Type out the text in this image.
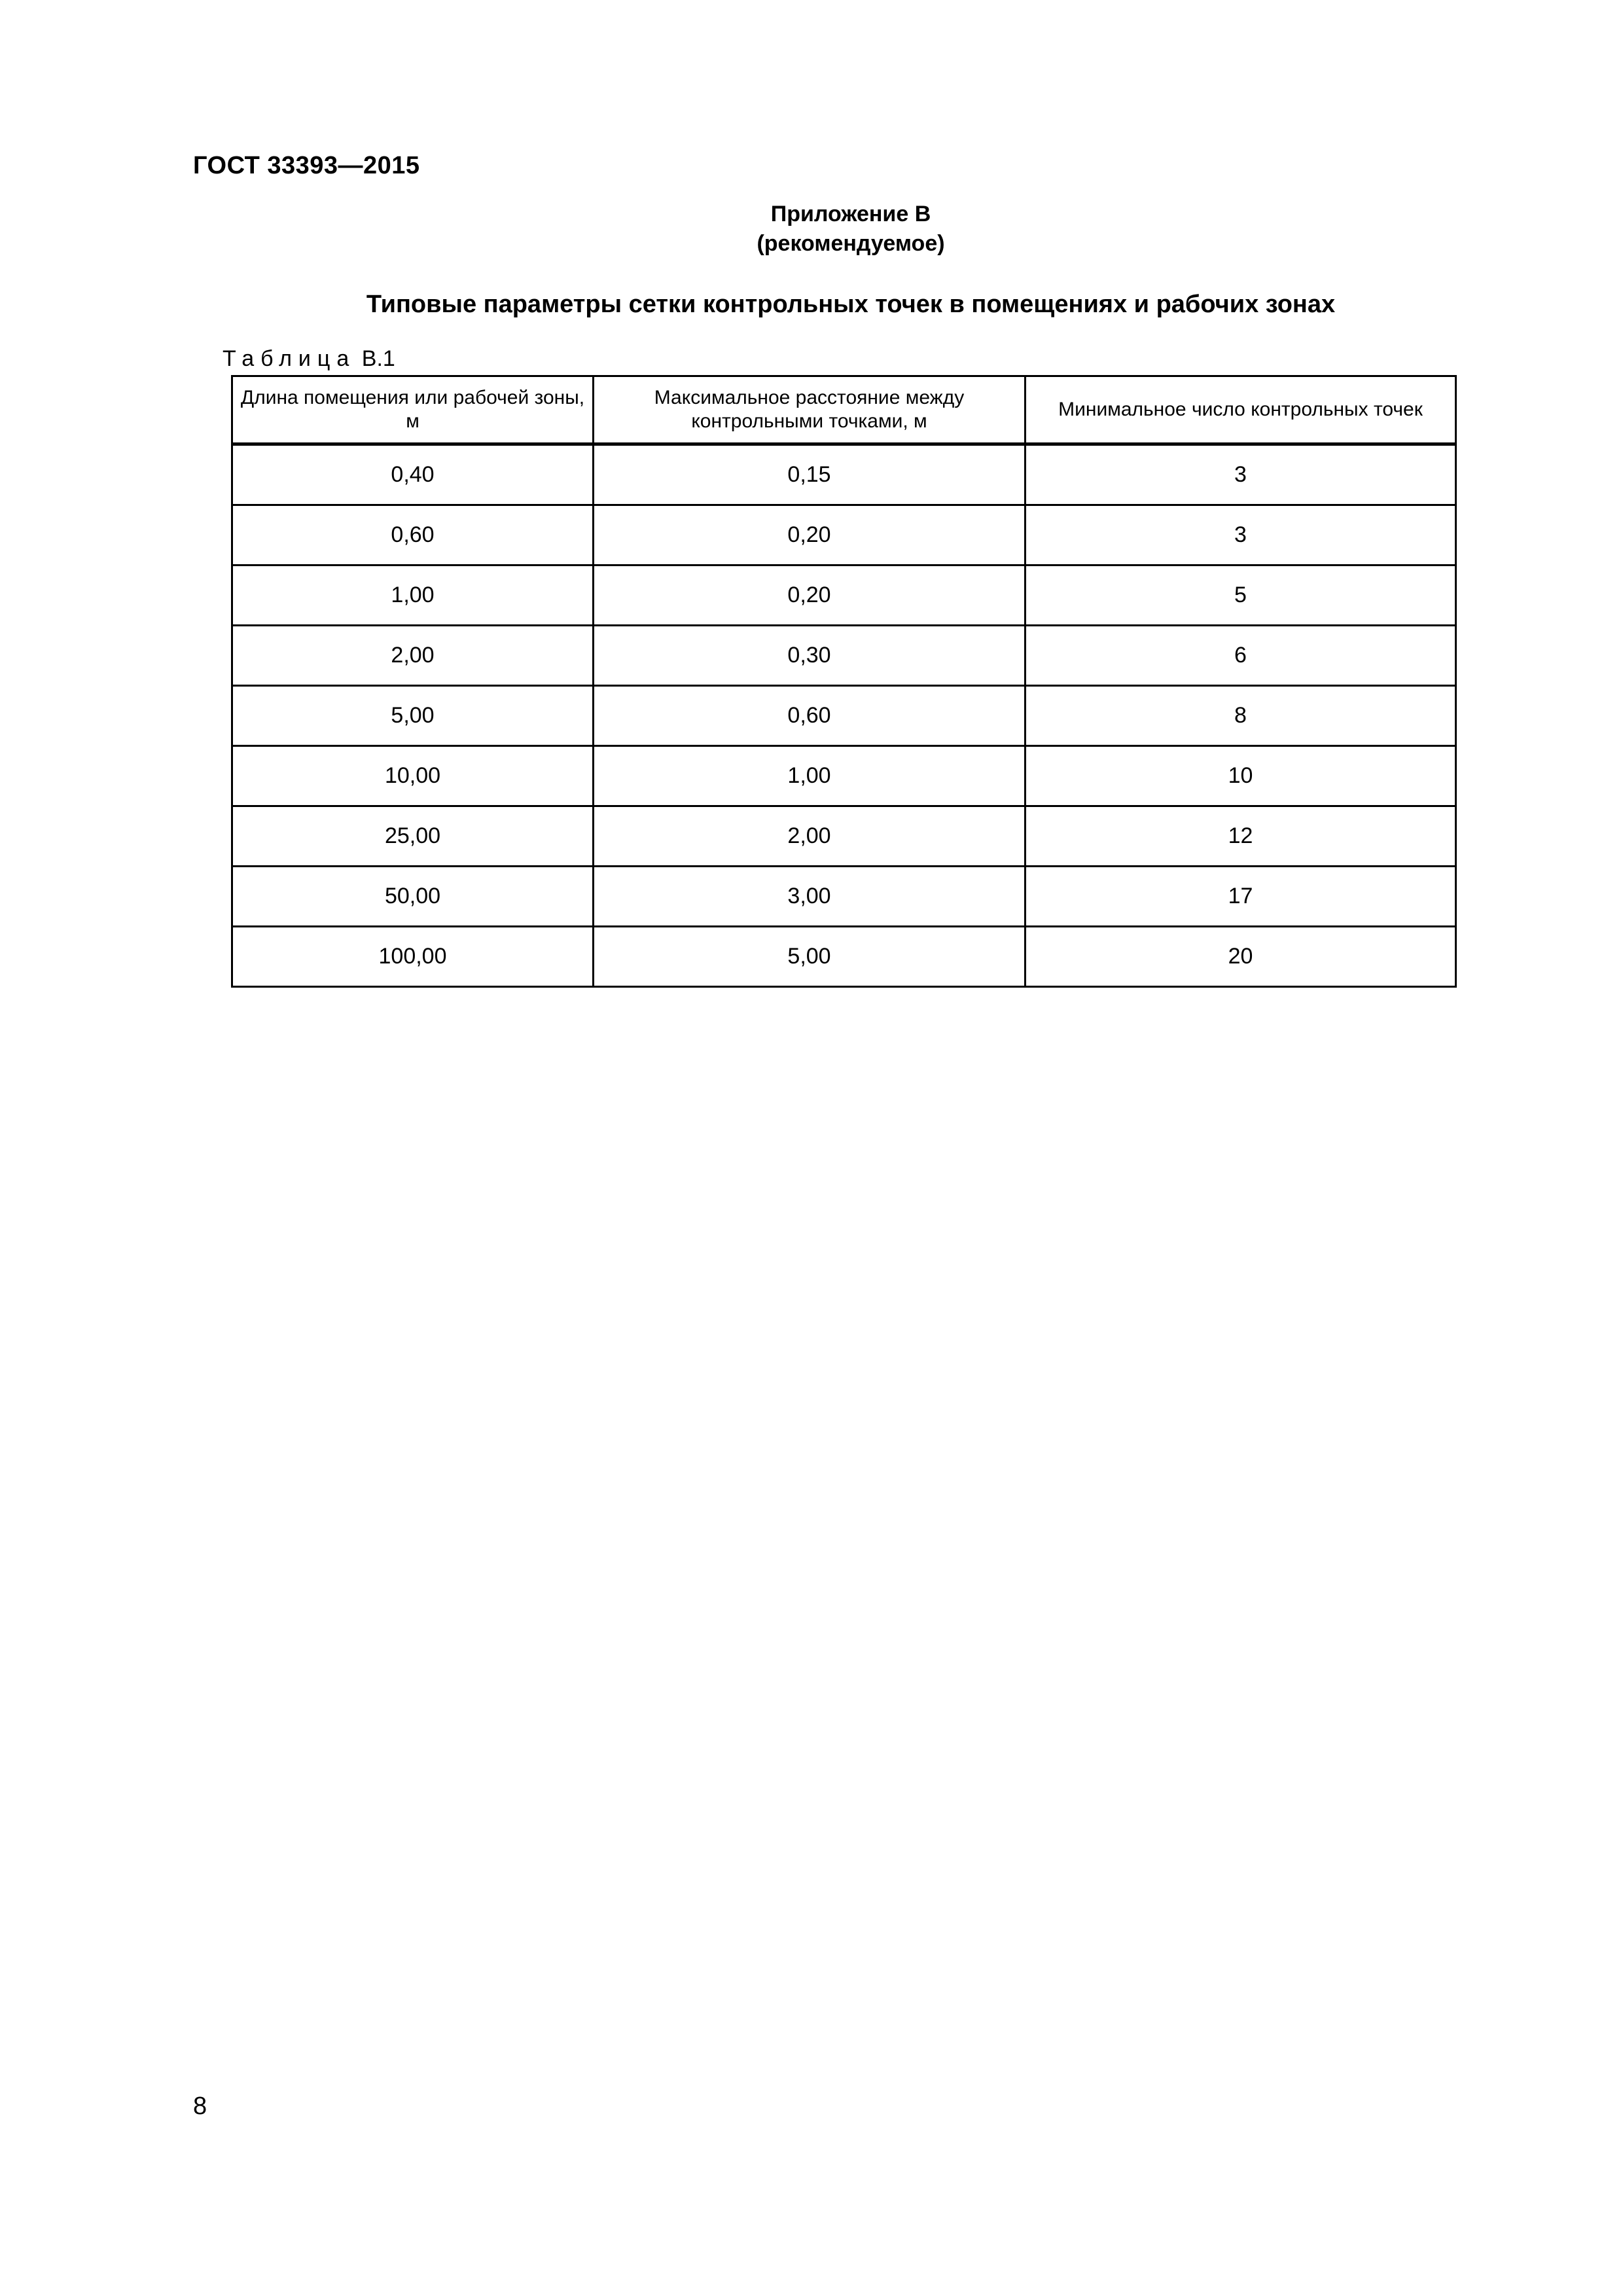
ГОСТ 33393—2015
Приложение В
(рекомендуемое)
Типовые параметры сетки контрольных точек в помещениях и рабочих зонах
Таблица В.1
Длина помещения или рабочей зоны, м	Максимальное расстояние между контрольными точками, м	Минимальное число контрольных точек
0,40	0,15	3
0,60	0,20	3
1,00	0,20	5
2,00	0,30	6
5,00	0,60	8
10,00	1,00	10
25,00	2,00	12
50,00	3,00	17
100,00	5,00	20
8
